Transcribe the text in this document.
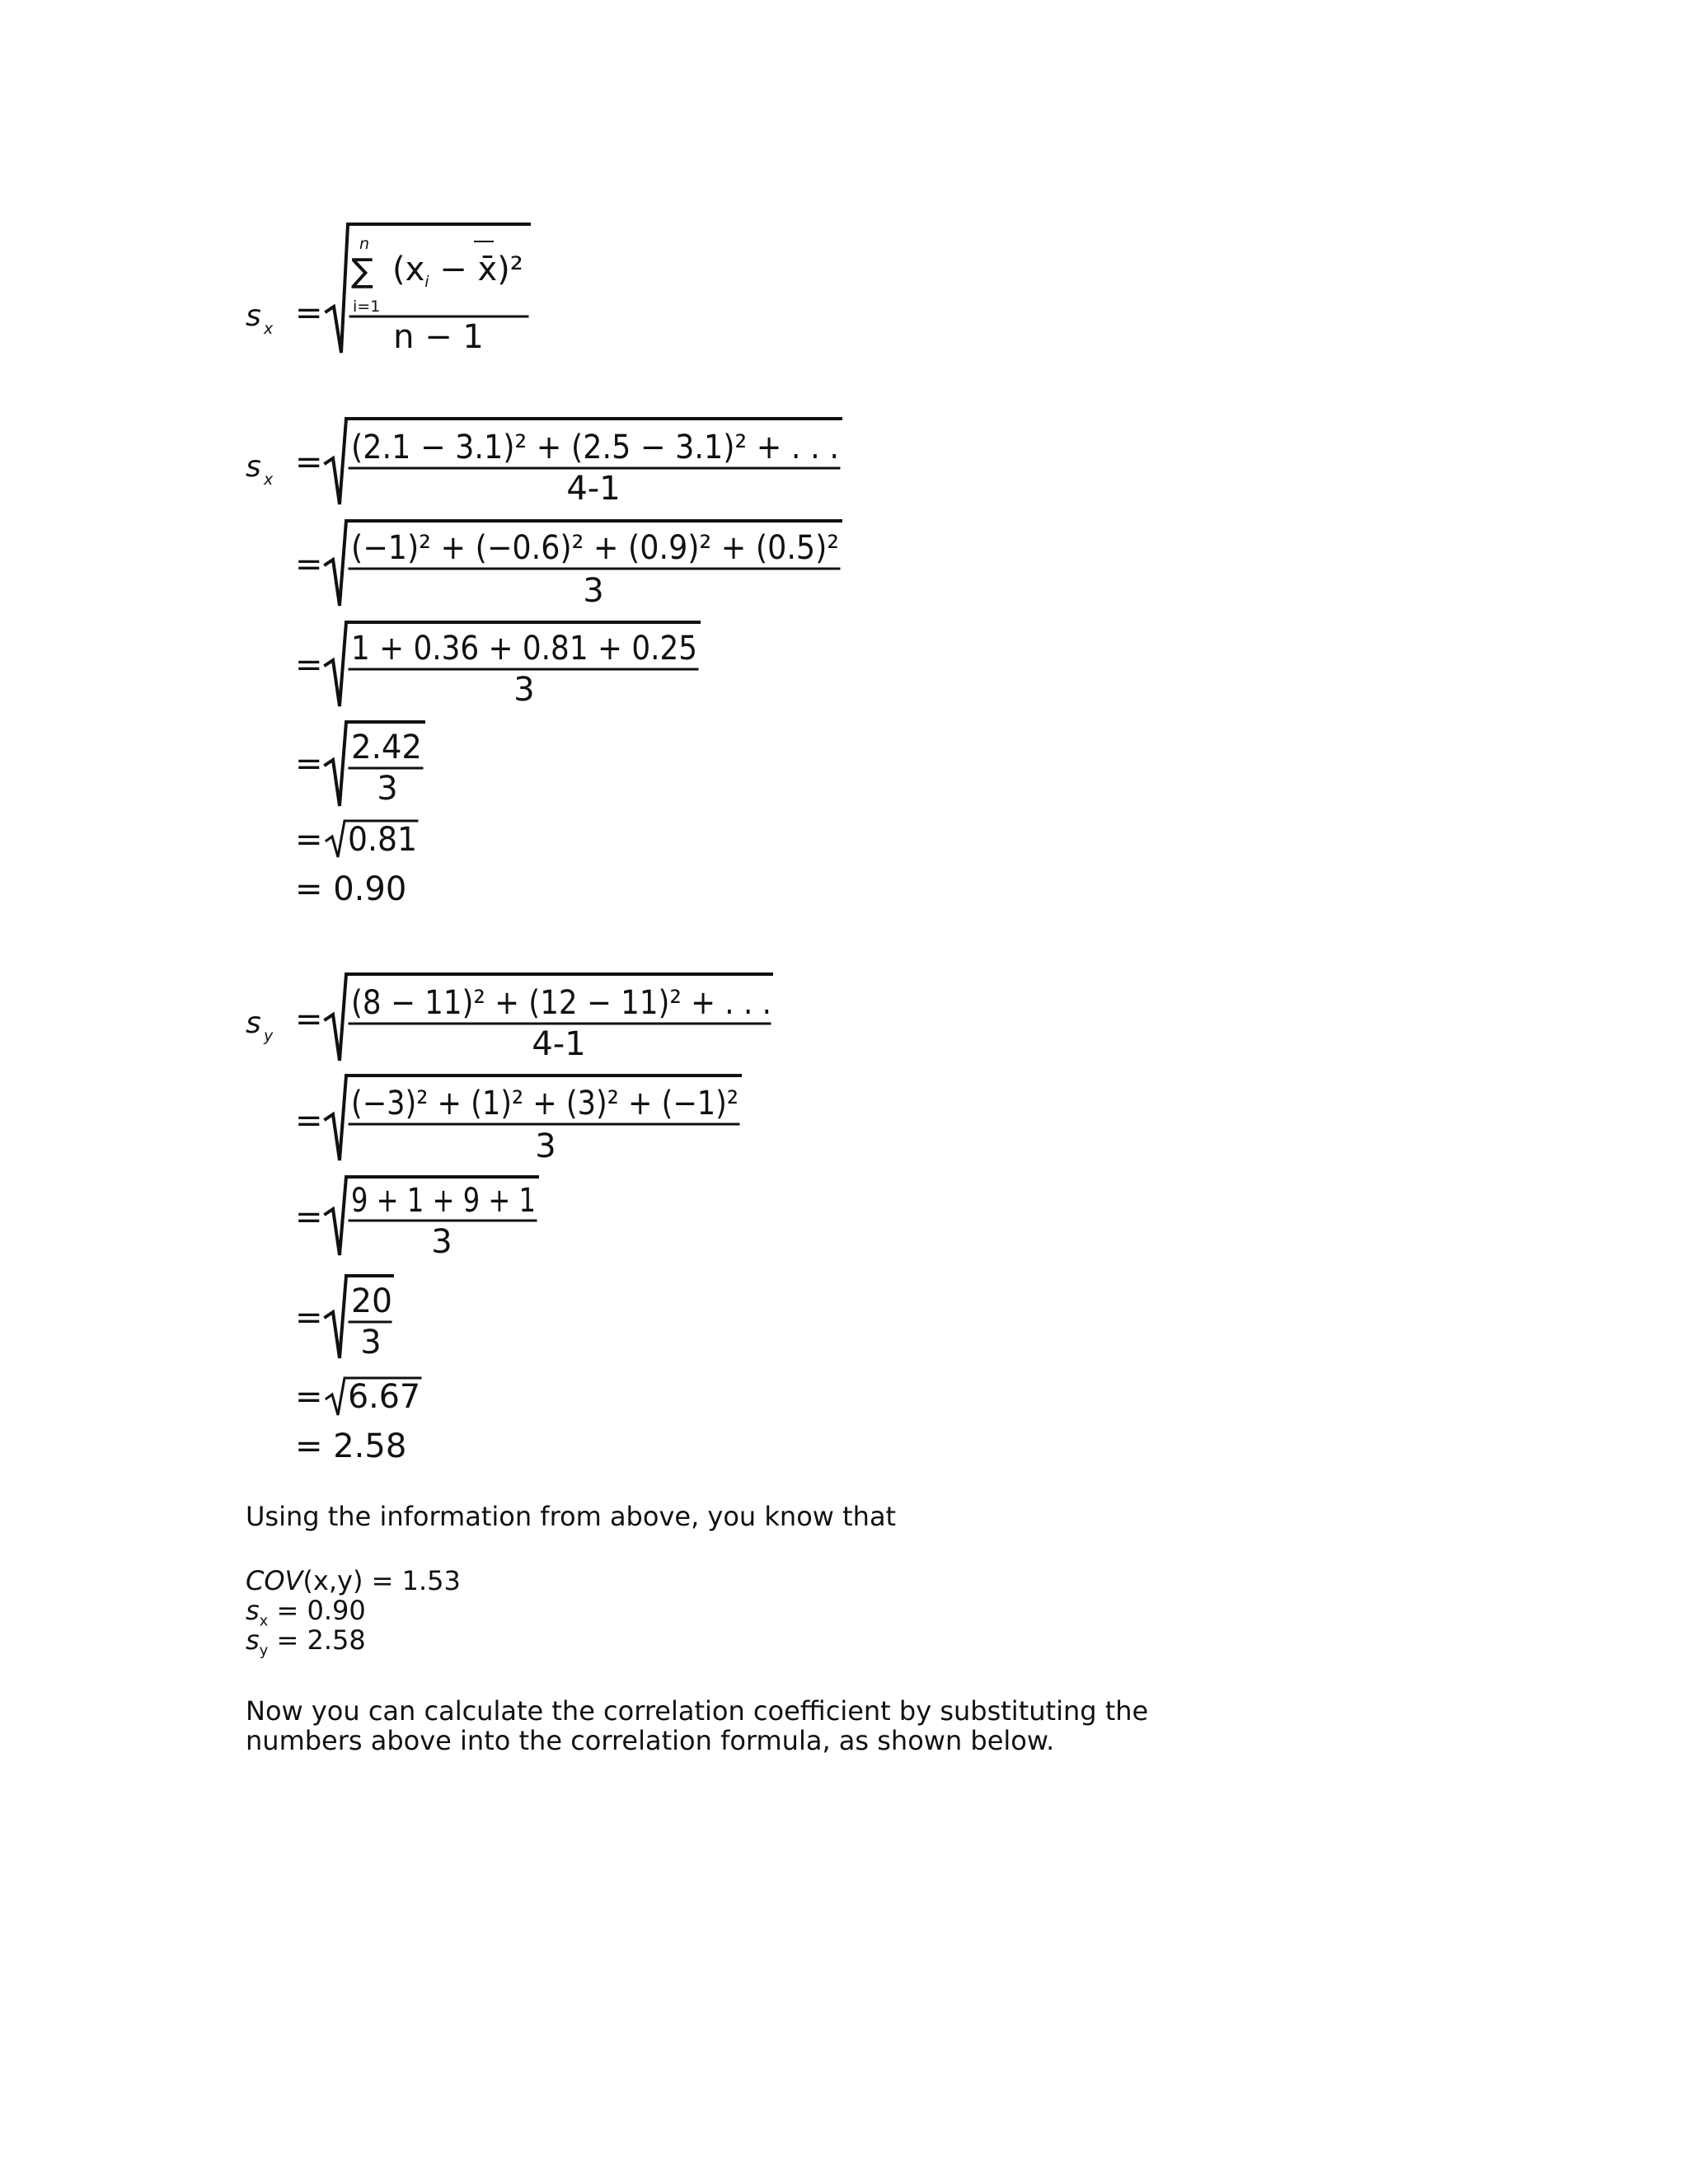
s x =
n
∑
i=1
($x_i$ − x̄)²
n − 1
s x = (2.1 − 3.1)² + (2.5 − 3.1)² + . . .
4-1
= (−1)² + (−0.6)² + (0.9)² + (0.5)²
3
= 1 + 0.36 + 0.81 + 0.25
3
= 2.42
3
= 0.81
= 0.90
s y = (8 − 11)² + (12 − 11)² + . . .
4-1
= (−3)² + (1)² + (3)² + (−1)²
3
= 9 + 1 + 9 + 1
3
= 20
3
= 6.67
= 2.58

Using the information from above, you know that

COV(x,y) = 1.53
$s_x = 0.90$
$s_y = 2.58$

Now you can calculate the correlation coefficient by substituting the numbers above into the correlation formula, as shown below.
